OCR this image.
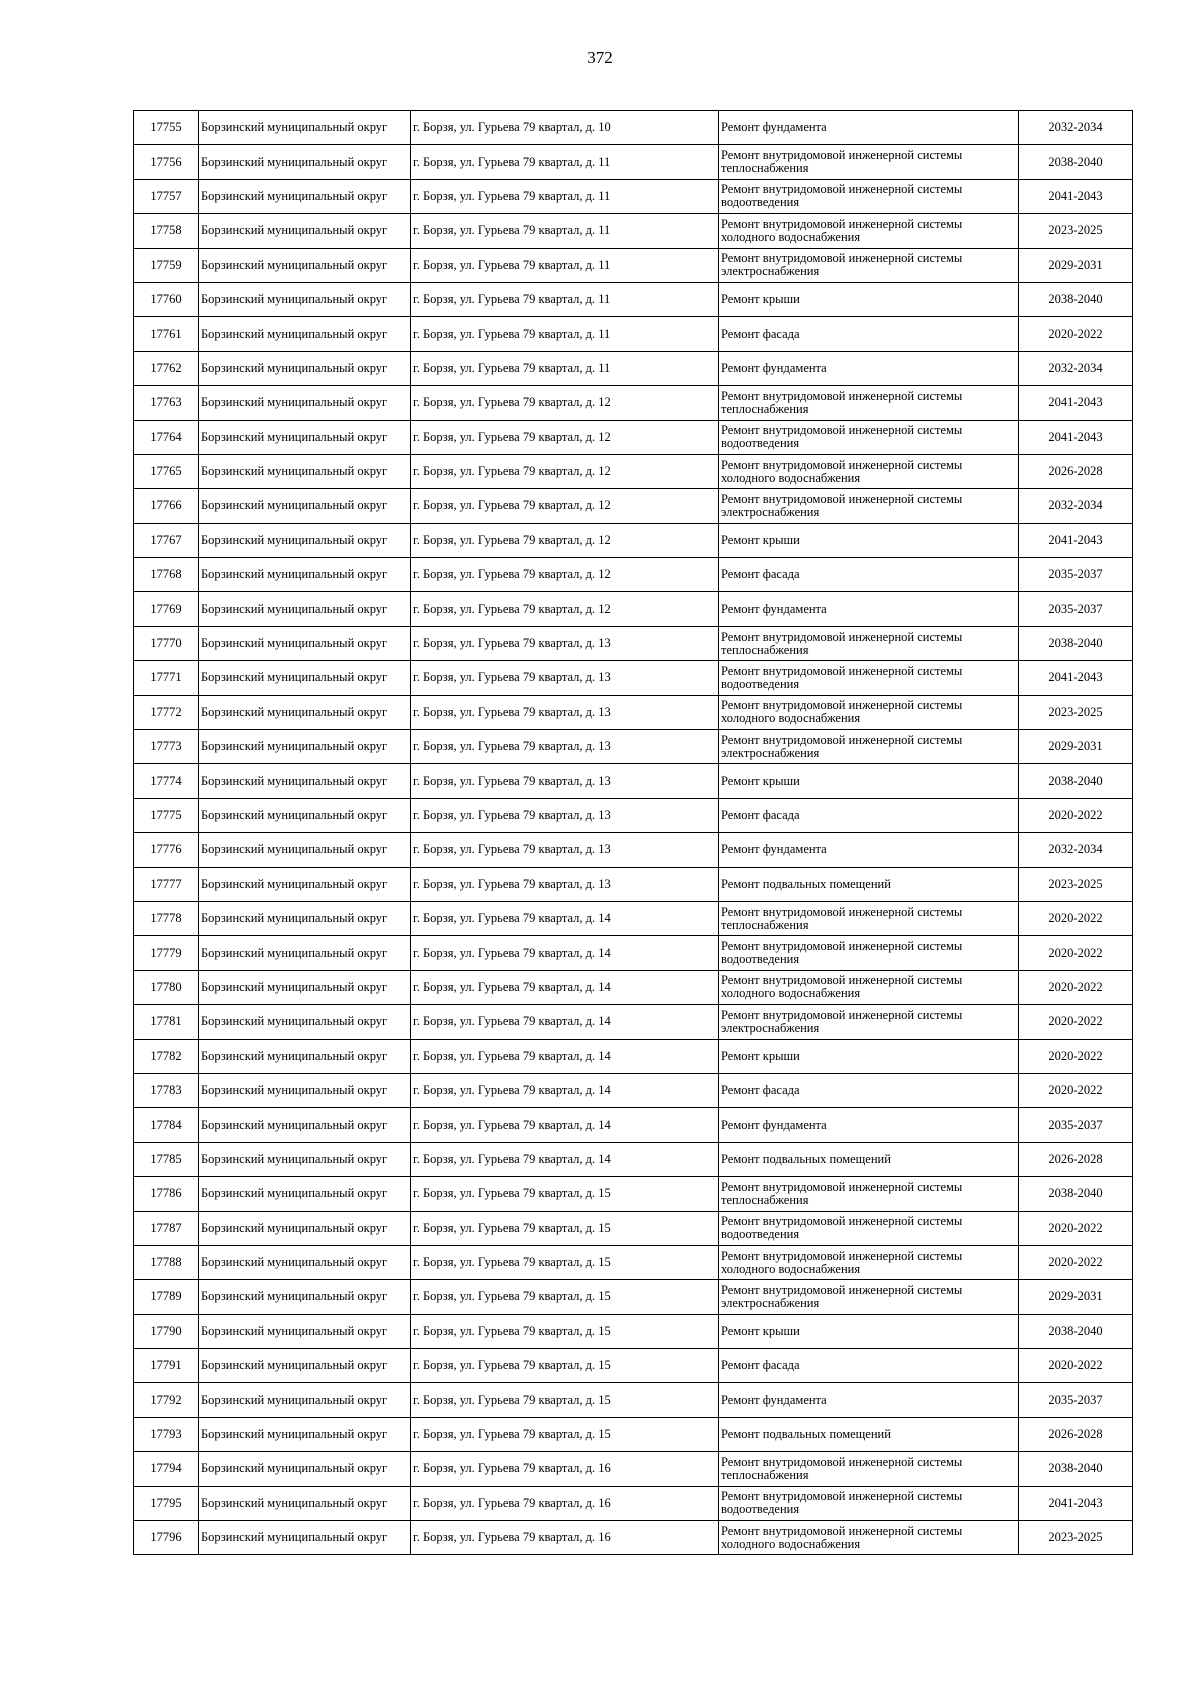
372
17755	Борзинский муниципальный округ	г. Борзя, ул. Гурьева 79 квартал, д. 10	Ремонт фундамента	2032-2034
17756	Борзинский муниципальный округ	г. Борзя, ул. Гурьева 79 квартал, д. 11	Ремонт внутридомовой инженерной системы теплоснабжения	2038-2040
17757	Борзинский муниципальный округ	г. Борзя, ул. Гурьева 79 квартал, д. 11	Ремонт внутридомовой инженерной системы водоотведения	2041-2043
17758	Борзинский муниципальный округ	г. Борзя, ул. Гурьева 79 квартал, д. 11	Ремонт внутридомовой инженерной системы холодного водоснабжения	2023-2025
17759	Борзинский муниципальный округ	г. Борзя, ул. Гурьева 79 квартал, д. 11	Ремонт внутридомовой инженерной системы электроснабжения	2029-2031
17760	Борзинский муниципальный округ	г. Борзя, ул. Гурьева 79 квартал, д. 11	Ремонт крыши	2038-2040
17761	Борзинский муниципальный округ	г. Борзя, ул. Гурьева 79 квартал, д. 11	Ремонт фасада	2020-2022
17762	Борзинский муниципальный округ	г. Борзя, ул. Гурьева 79 квартал, д. 11	Ремонт фундамента	2032-2034
17763	Борзинский муниципальный округ	г. Борзя, ул. Гурьева 79 квартал, д. 12	Ремонт внутридомовой инженерной системы теплоснабжения	2041-2043
17764	Борзинский муниципальный округ	г. Борзя, ул. Гурьева 79 квартал, д. 12	Ремонт внутридомовой инженерной системы водоотведения	2041-2043
17765	Борзинский муниципальный округ	г. Борзя, ул. Гурьева 79 квартал, д. 12	Ремонт внутридомовой инженерной системы холодного водоснабжения	2026-2028
17766	Борзинский муниципальный округ	г. Борзя, ул. Гурьева 79 квартал, д. 12	Ремонт внутридомовой инженерной системы электроснабжения	2032-2034
17767	Борзинский муниципальный округ	г. Борзя, ул. Гурьева 79 квартал, д. 12	Ремонт крыши	2041-2043
17768	Борзинский муниципальный округ	г. Борзя, ул. Гурьева 79 квартал, д. 12	Ремонт фасада	2035-2037
17769	Борзинский муниципальный округ	г. Борзя, ул. Гурьева 79 квартал, д. 12	Ремонт фундамента	2035-2037
17770	Борзинский муниципальный округ	г. Борзя, ул. Гурьева 79 квартал, д. 13	Ремонт внутридомовой инженерной системы теплоснабжения	2038-2040
17771	Борзинский муниципальный округ	г. Борзя, ул. Гурьева 79 квартал, д. 13	Ремонт внутридомовой инженерной системы водоотведения	2041-2043
17772	Борзинский муниципальный округ	г. Борзя, ул. Гурьева 79 квартал, д. 13	Ремонт внутридомовой инженерной системы холодного водоснабжения	2023-2025
17773	Борзинский муниципальный округ	г. Борзя, ул. Гурьева 79 квартал, д. 13	Ремонт внутридомовой инженерной системы электроснабжения	2029-2031
17774	Борзинский муниципальный округ	г. Борзя, ул. Гурьева 79 квартал, д. 13	Ремонт крыши	2038-2040
17775	Борзинский муниципальный округ	г. Борзя, ул. Гурьева 79 квартал, д. 13	Ремонт фасада	2020-2022
17776	Борзинский муниципальный округ	г. Борзя, ул. Гурьева 79 квартал, д. 13	Ремонт фундамента	2032-2034
17777	Борзинский муниципальный округ	г. Борзя, ул. Гурьева 79 квартал, д. 13	Ремонт подвальных помещений	2023-2025
17778	Борзинский муниципальный округ	г. Борзя, ул. Гурьева 79 квартал, д. 14	Ремонт внутридомовой инженерной системы теплоснабжения	2020-2022
17779	Борзинский муниципальный округ	г. Борзя, ул. Гурьева 79 квартал, д. 14	Ремонт внутридомовой инженерной системы водоотведения	2020-2022
17780	Борзинский муниципальный округ	г. Борзя, ул. Гурьева 79 квартал, д. 14	Ремонт внутридомовой инженерной системы холодного водоснабжения	2020-2022
17781	Борзинский муниципальный округ	г. Борзя, ул. Гурьева 79 квартал, д. 14	Ремонт внутридомовой инженерной системы электроснабжения	2020-2022
17782	Борзинский муниципальный округ	г. Борзя, ул. Гурьева 79 квартал, д. 14	Ремонт крыши	2020-2022
17783	Борзинский муниципальный округ	г. Борзя, ул. Гурьева 79 квартал, д. 14	Ремонт фасада	2020-2022
17784	Борзинский муниципальный округ	г. Борзя, ул. Гурьева 79 квартал, д. 14	Ремонт фундамента	2035-2037
17785	Борзинский муниципальный округ	г. Борзя, ул. Гурьева 79 квартал, д. 14	Ремонт подвальных помещений	2026-2028
17786	Борзинский муниципальный округ	г. Борзя, ул. Гурьева 79 квартал, д. 15	Ремонт внутридомовой инженерной системы теплоснабжения	2038-2040
17787	Борзинский муниципальный округ	г. Борзя, ул. Гурьева 79 квартал, д. 15	Ремонт внутридомовой инженерной системы водоотведения	2020-2022
17788	Борзинский муниципальный округ	г. Борзя, ул. Гурьева 79 квартал, д. 15	Ремонт внутридомовой инженерной системы холодного водоснабжения	2020-2022
17789	Борзинский муниципальный округ	г. Борзя, ул. Гурьева 79 квартал, д. 15	Ремонт внутридомовой инженерной системы электроснабжения	2029-2031
17790	Борзинский муниципальный округ	г. Борзя, ул. Гурьева 79 квартал, д. 15	Ремонт крыши	2038-2040
17791	Борзинский муниципальный округ	г. Борзя, ул. Гурьева 79 квартал, д. 15	Ремонт фасада	2020-2022
17792	Борзинский муниципальный округ	г. Борзя, ул. Гурьева 79 квартал, д. 15	Ремонт фундамента	2035-2037
17793	Борзинский муниципальный округ	г. Борзя, ул. Гурьева 79 квартал, д. 15	Ремонт подвальных помещений	2026-2028
17794	Борзинский муниципальный округ	г. Борзя, ул. Гурьева 79 квартал, д. 16	Ремонт внутридомовой инженерной системы теплоснабжения	2038-2040
17795	Борзинский муниципальный округ	г. Борзя, ул. Гурьева 79 квартал, д. 16	Ремонт внутридомовой инженерной системы водоотведения	2041-2043
17796	Борзинский муниципальный округ	г. Борзя, ул. Гурьева 79 квартал, д. 16	Ремонт внутридомовой инженерной системы холодного водоснабжения	2023-2025
